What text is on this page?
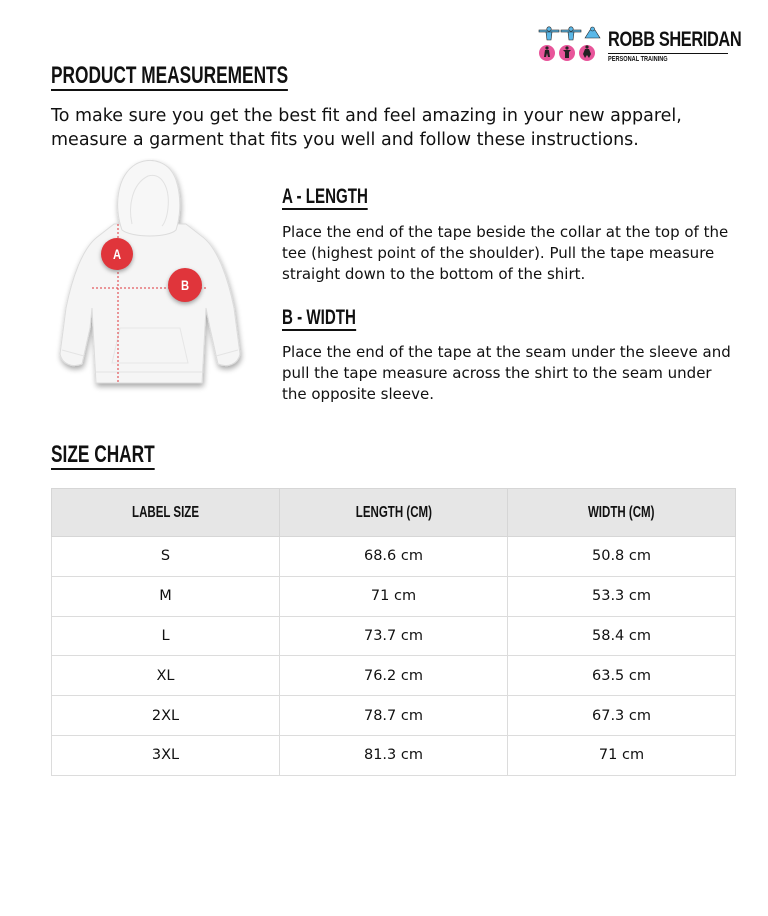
ROBB SHERIDAN
PERSONAL TRAINING
PRODUCT MEASUREMENTS

To make sure you get the best fit and feel amazing in your new apparel, measure a garment that fits you well and follow these instructions.

A
B
A - LENGTH

Place the end of the tape beside the collar at the top of the tee (highest point of the shoulder). Pull the tape measure straight down to the bottom of the shirt.

B - WIDTH

Place the end of the tape at the seam under the sleeve and pull the tape measure across the shirt to the seam under the opposite sleeve.

SIZE CHART
LABEL SIZE	LENGTH (CM)	WIDTH (CM)
S	68.6 cm	50.8 cm
M	71 cm	53.3 cm
L	73.7 cm	58.4 cm
XL	76.2 cm	63.5 cm
2XL	78.7 cm	67.3 cm
3XL	81.3 cm	71 cm
